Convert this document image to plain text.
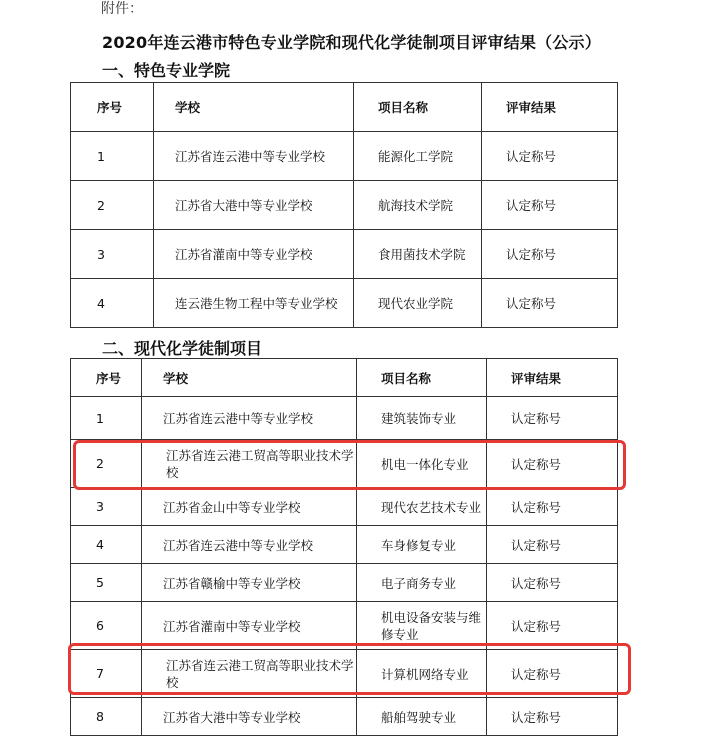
附件：
2020年连云港市特色专业学院和现代化学徒制项目评审结果（公示）
一、特色专业学院
序号	学校	项目名称	评审结果
1	江苏省连云港中等专业学校	能源化工学院	认定称号
2	江苏省大港中等专业学校	航海技术学院	认定称号
3	江苏省灌南中等专业学校	食用菌技术学院	认定称号
4	连云港生物工程中等专业学校	现代农业学院	认定称号
二、现代化学徒制项目
序号	学校	项目名称	评审结果
1	江苏省连云港中等专业学校	建筑装饰专业	认定称号
2	江苏省连云港工贸高等职业技术学校	机电一体化专业	认定称号
3	江苏省金山中等专业学校	现代农艺技术专业	认定称号
4	江苏省连云港中等专业学校	车身修复专业	认定称号
5	江苏省赣榆中等专业学校	电子商务专业	认定称号
6	江苏省灌南中等专业学校	机电设备安装与维修专业	认定称号
7	江苏省连云港工贸高等职业技术学校	计算机网络专业	认定称号
8	江苏省大港中等专业学校	船舶驾驶专业	认定称号
